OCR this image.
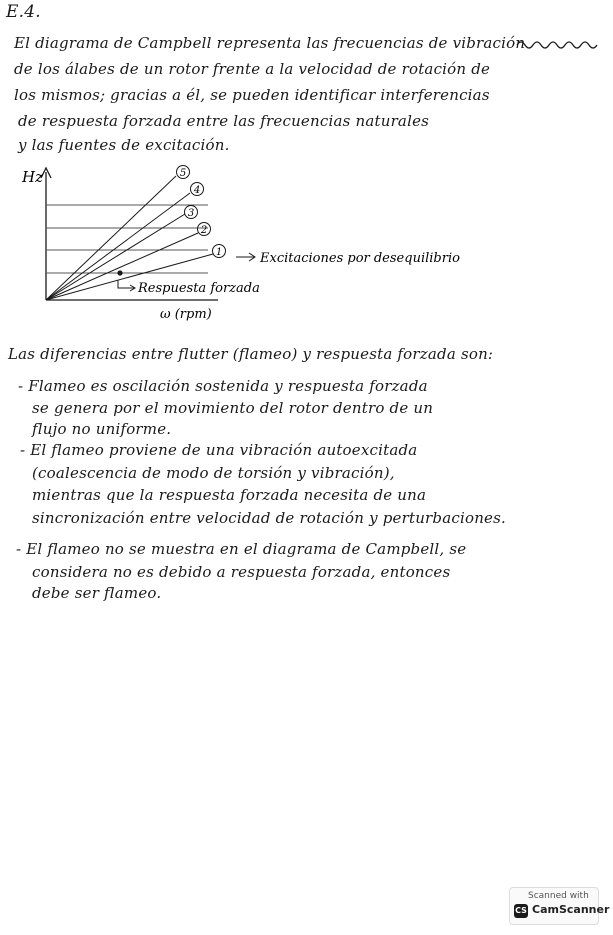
E.4.
El diagrama de Campbell representa las frecuencias de vibración
de los álabes de un rotor frente a la velocidad de rotación de
los mismos; gracias a él, se pueden identificar interferencias
de respuesta forzada entre las frecuencias naturales
y las fuentes de excitación.
5
4
3
2
1
Hz
ω (rpm)
Excitaciones por desequilibrio
Respuesta forzada
Las diferencias entre flutter (flameo) y respuesta forzada son:
- Flameo es oscilación sostenida y respuesta forzada
se genera por el movimiento del rotor dentro de un
flujo no uniforme.
- El flameo proviene de una vibración autoexcitada
(coalescencia de modo de torsión y vibración),
mientras que la respuesta forzada necesita de una
sincronización entre velocidad de rotación y perturbaciones.
- El flameo no se muestra en el diagrama de Campbell, se
considera no es debido a respuesta forzada, entonces
debe ser flameo.
Scanned with
CS CamScanner
